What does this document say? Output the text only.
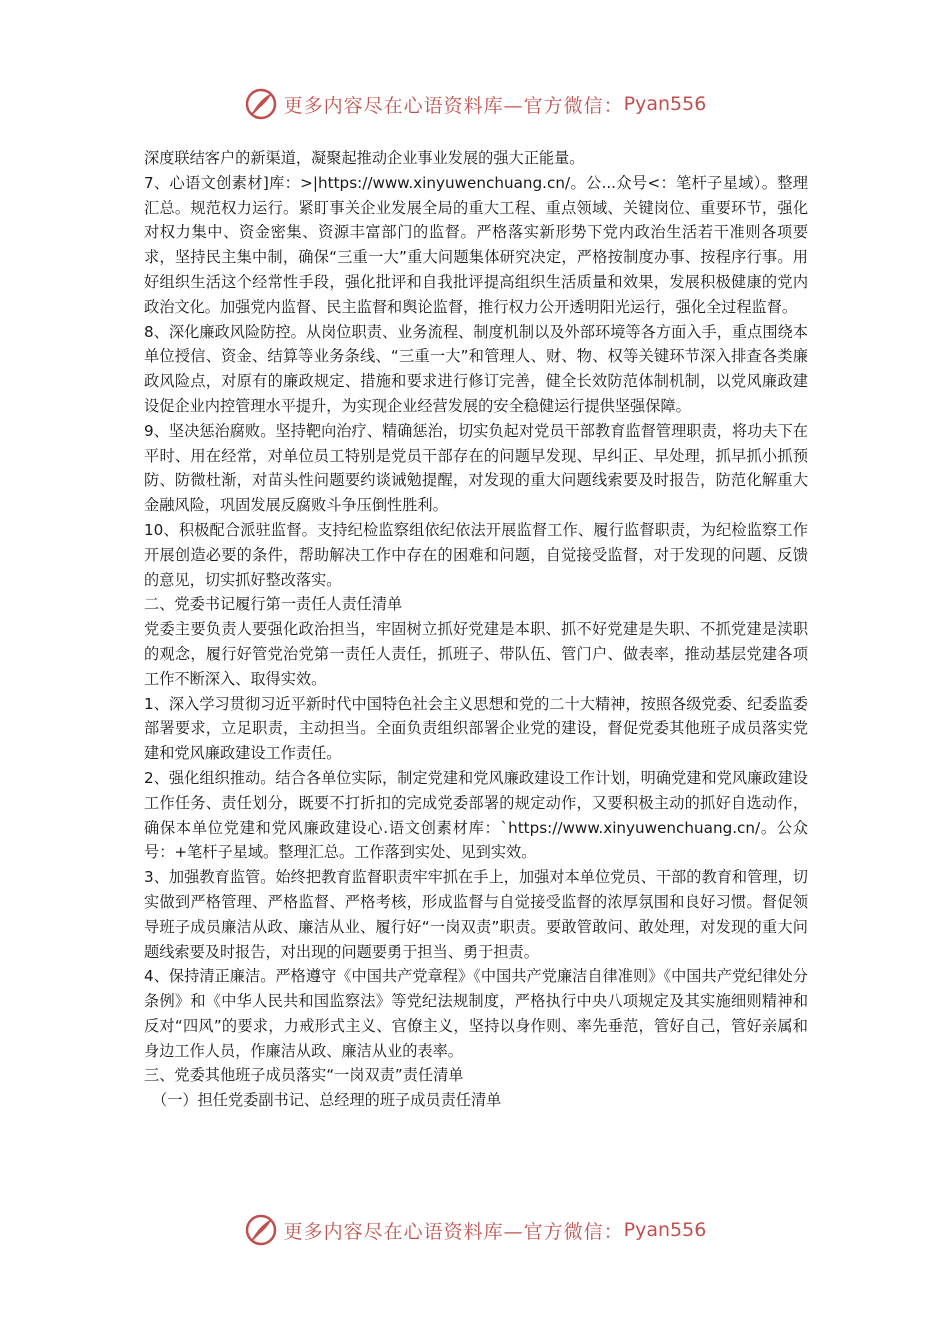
更多内容尽在心语资料库—官方微信： Pyan556

深度联结客户的新渠道，凝聚起推动企业事业发展的强大正能量。

7、心语文创素材]库：>|https://www.xinyuwenchuang.cn/。公...众号<：笔杆子星域）。整理汇总。规范权力运行。紧盯事关企业发展全局的重大工程、重点领域、关键岗位、重要环节，强化对权力集中、资金密集、资源丰富部门的监督。严格落实新形势下党内政治生活若干准则各项要求，坚持民主集中制，确保“三重一大”重大问题集体研究决定，严格按制度办事、按程序行事。用好组织生活这个经常性手段，强化批评和自我批评提高组织生活质量和效果，发展积极健康的党内政治文化。加强党内监督、民主监督和舆论监督，推行权力公开透明阳光运行，强化全过程监督。

8、深化廉政风险防控。从岗位职责、业务流程、制度机制以及外部环境等各方面入手，重点围绕本单位授信、资金、结算等业务条线、“三重一大”和管理人、财、物、权等关键环节深入排查各类廉政风险点，对原有的廉政规定、措施和要求进行修订完善，健全长效防范体制机制，以党风廉政建设促企业内控管理水平提升，为实现企业经营发展的安全稳健运行提供坚强保障。

9、坚决惩治腐败。坚持靶向治疗、精确惩治，切实负起对党员干部教育监督管理职责，将功夫下在平时、用在经常，对单位员工特别是党员干部存在的问题早发现、早纠正、早处理，抓早抓小抓预防、防微杜渐，对苗头性问题要约谈诫勉提醒，对发现的重大问题线索要及时报告，防范化解重大金融风险，巩固发展反腐败斗争压倒性胜利。

10、积极配合派驻监督。支持纪检监察组依纪依法开展监督工作、履行监督职责，为纪检监察工作开展创造必要的条件，帮助解决工作中存在的困难和问题，自觉接受监督，对于发现的问题、反馈的意见，切实抓好整改落实。

二、党委书记履行第一责任人责任清单

党委主要负责人要强化政治担当，牢固树立抓好党建是本职、抓不好党建是失职、不抓党建是渎职的观念，履行好管党治党第一责任人责任，抓班子、带队伍、管门户、做表率，推动基层党建各项工作不断深入、取得实效。

1、深入学习贯彻习近平新时代中国特色社会主义思想和党的二十大精神，按照各级党委、纪委监委部署要求，立足职责，主动担当。全面负责组织部署企业党的建设，督促党委其他班子成员落实党建和党风廉政建设工作责任。

2、强化组织推动。结合各单位实际，制定党建和党风廉政建设工作计划，明确党建和党风廉政建设工作任务、责任划分，既要不打折扣的完成党委部署的规定动作，又要积极主动的抓好自选动作，确保本单位党建和党风廉政建设心.语文创素材库：`https://www.xinyuwenchuang.cn/。公众号：+笔杆子星域。整理汇总。工作落到实处、见到实效。

3、加强教育监管。始终把教育监督职责牢牢抓在手上，加强对本单位党员、干部的教育和管理，切实做到严格管理、严格监督、严格考核，形成监督与自觉接受监督的浓厚氛围和良好习惯。督促领导班子成员廉洁从政、廉洁从业、履行好“一岗双责”职责。要敢管敢问、敢处理，对发现的重大问题线索要及时报告，对出现的问题要勇于担当、勇于担责。

4、保持清正廉洁。严格遵守《中国共产党章程》《中国共产党廉洁自律准则》《中国共产党纪律处分条例》和《中华人民共和国监察法》等党纪法规制度，严格执行中央八项规定及其实施细则精神和反对“四风”的要求，力戒形式主义、官僚主义，坚持以身作则、率先垂范，管好自己，管好亲属和身边工作人员，作廉洁从政、廉洁从业的表率。

三、党委其他班子成员落实“一岗双责”责任清单

（一）担任党委副书记、总经理的班子成员责任清单

更多内容尽在心语资料库—官方微信： Pyan556
